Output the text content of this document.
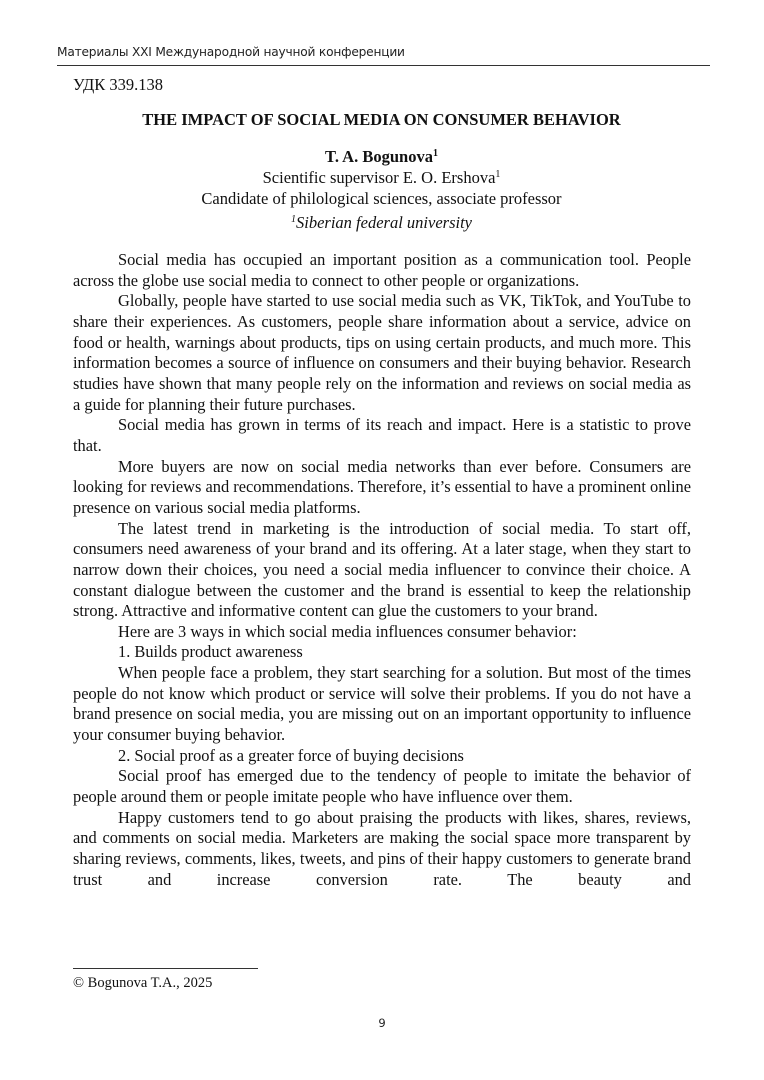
Материалы XXI Международной научной конференции
УДК 339.138
THE IMPACT OF SOCIAL MEDIA ON CONSUMER BEHAVIOR
T. A. Bogunova$^1$
Scientific supervisor E. O. Ershova$^1$
Candidate of philological sciences, associate professor
$^1$Siberian federal university

Social media has occupied an important position as a communication tool. People across the globe use social media to connect to other people or organizations.

Globally, people have started to use social media such as VK, TikTok, and YouTube to share their experiences. As customers, people share information about a service, advice on food or health, warnings about products, tips on using certain products, and much more. This information becomes a source of influence on consumers and their buying behavior. Research studies have shown that many people rely on the information and reviews on social media as a guide for planning their future purchases.

Social media has grown in terms of its reach and impact. Here is a statistic to prove that.

More buyers are now on social media networks than ever before. Consumers are looking for reviews and recommendations. Therefore, it’s essential to have a prominent online presence on various social media platforms.

The latest trend in marketing is the introduction of social media. To start off, consumers need awareness of your brand and its offering. At a later stage, when they start to narrow down their choices, you need a social media influencer to convince their choice. A constant dialogue between the customer and the brand is essential to keep the relationship strong. Attractive and informative content can glue the customers to your brand.

Here are 3 ways in which social media influences consumer behavior:

1. Builds product awareness

When people face a problem, they start searching for a solution. But most of the times people do not know which product or service will solve their problems. If you do not have a brand presence on social media, you are missing out on an important opportunity to influence your consumer buying behavior.

2. Social proof as a greater force of buying decisions

Social proof has emerged due to the tendency of people to imitate the behavior of people around them or people imitate people who have influence over them.

Happy customers tend to go about praising the products with likes, shares, reviews, and comments on social media. Marketers are making the social space more transparent by sharing reviews, comments, likes, tweets, and pins of their happy customers to generate brand trust and increase conversion rate. The beauty and

© Bogunova T.A., 2025
9
